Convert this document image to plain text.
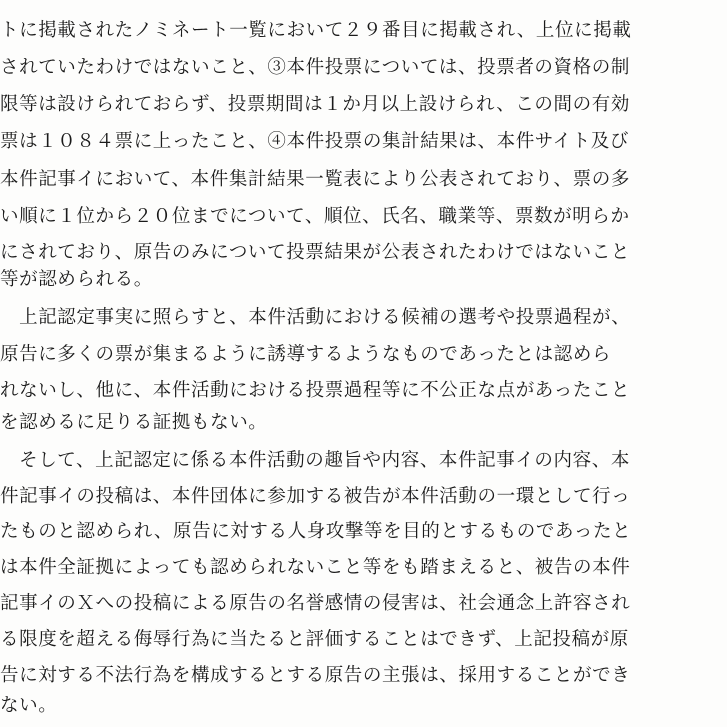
トに掲載されたノミネート一覧において２９番目に掲載され、上位に掲載
されていたわけではないこと、③本件投票については、投票者の資格の制
限等は設けられておらず、投票期間は１か月以上設けられ、この間の有効
票は１０８４票に上ったこと、④本件投票の集計結果は、本件サイト及び
本件記事イにおいて、本件集計結果一覧表により公表されており、票の多
い順に１位から２０位までについて、順位、氏名、職業等、票数が明らか
にされており、原告のみについて投票結果が公表されたわけではないこと
等が認められる。
　上記認定事実に照らすと、本件活動における候補の選考や投票過程が、
原告に多くの票が集まるように誘導するようなものであったとは認めら
れないし、他に、本件活動における投票過程等に不公正な点があったこと
を認めるに足りる証拠もない。
　そして、上記認定に係る本件活動の趣旨や内容、本件記事イの内容、本
件記事イの投稿は、本件団体に参加する被告が本件活動の一環として行っ
たものと認められ、原告に対する人身攻撃等を目的とするものであったと
は本件全証拠によっても認められないこと等をも踏まえると、被告の本件
記事イのＸへの投稿による原告の名誉感情の侵害は、社会通念上許容され
る限度を超える侮辱行為に当たると評価することはできず、上記投稿が原
告に対する不法行為を構成するとする原告の主張は、採用することができ
ない。
